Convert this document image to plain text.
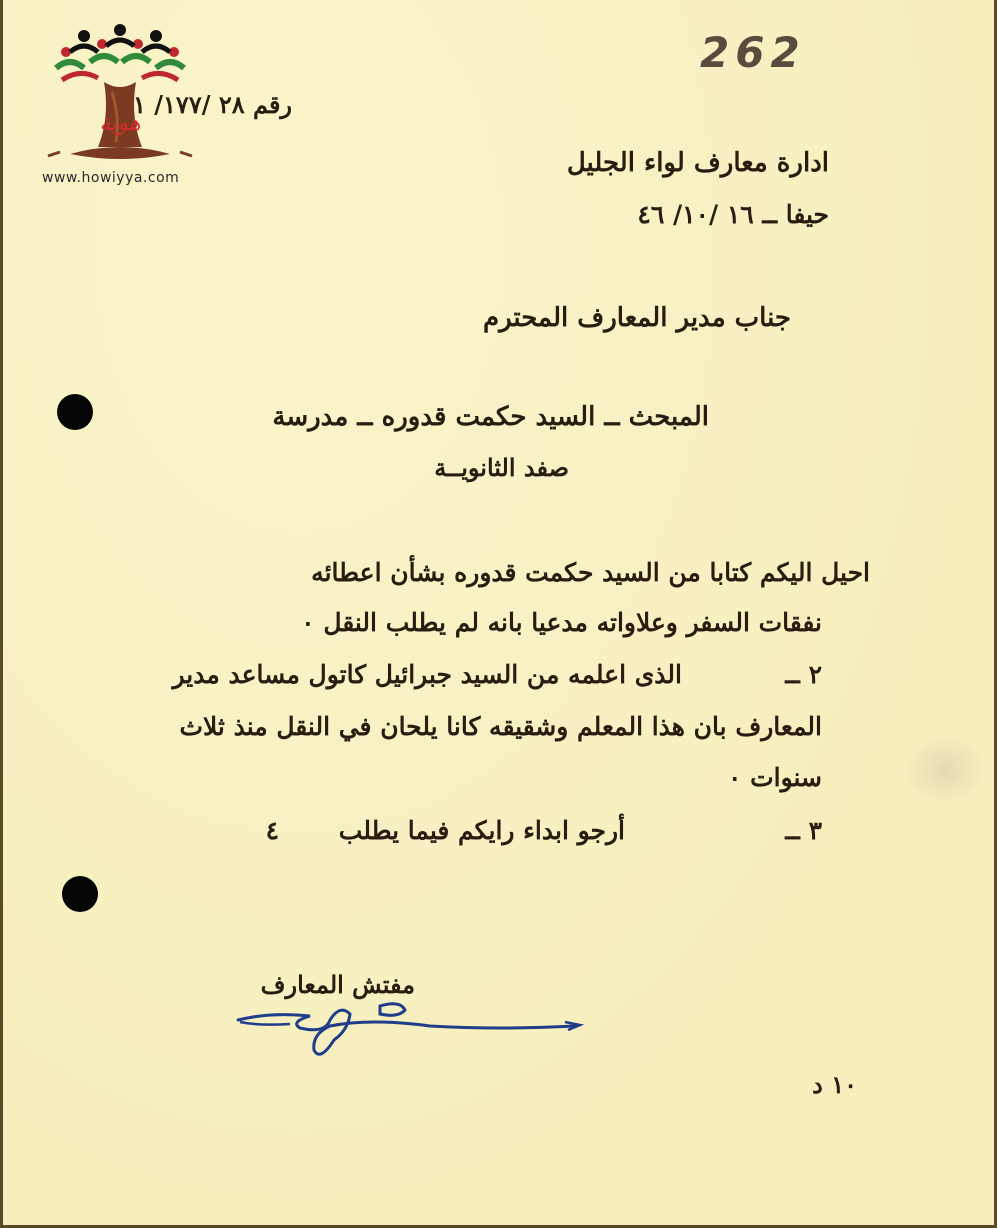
هوية
www.howiyya.com
262
رقم ٢٨ /١٧٧/ ١
ادارة معارف لواء الجليل
حيفا ــ ١٦ /١٠/ ٤٦
جناب مدير المعارف المحترم
المبحث ــ السيد حكمت قدوره ــ مدرسة
صفد الثانويــة
احيل اليكم كتابا من السيد حكمت قدوره بشأن اعطائه
نفقات السفر وعلاواته مدعيا بانه لم يطلب النقل ٠
٢ ــ
الذى اعلمه من السيد جبرائيل كاتول مساعد مدير
المعارف بان هذا المعلم وشقيقه كانا يلحان في النقل منذ ثلاث
سنوات ٠
٣ ــ
أرجو ابداء رايكم فيما يطلب
٤
مفتش المعارف
١٠ د
